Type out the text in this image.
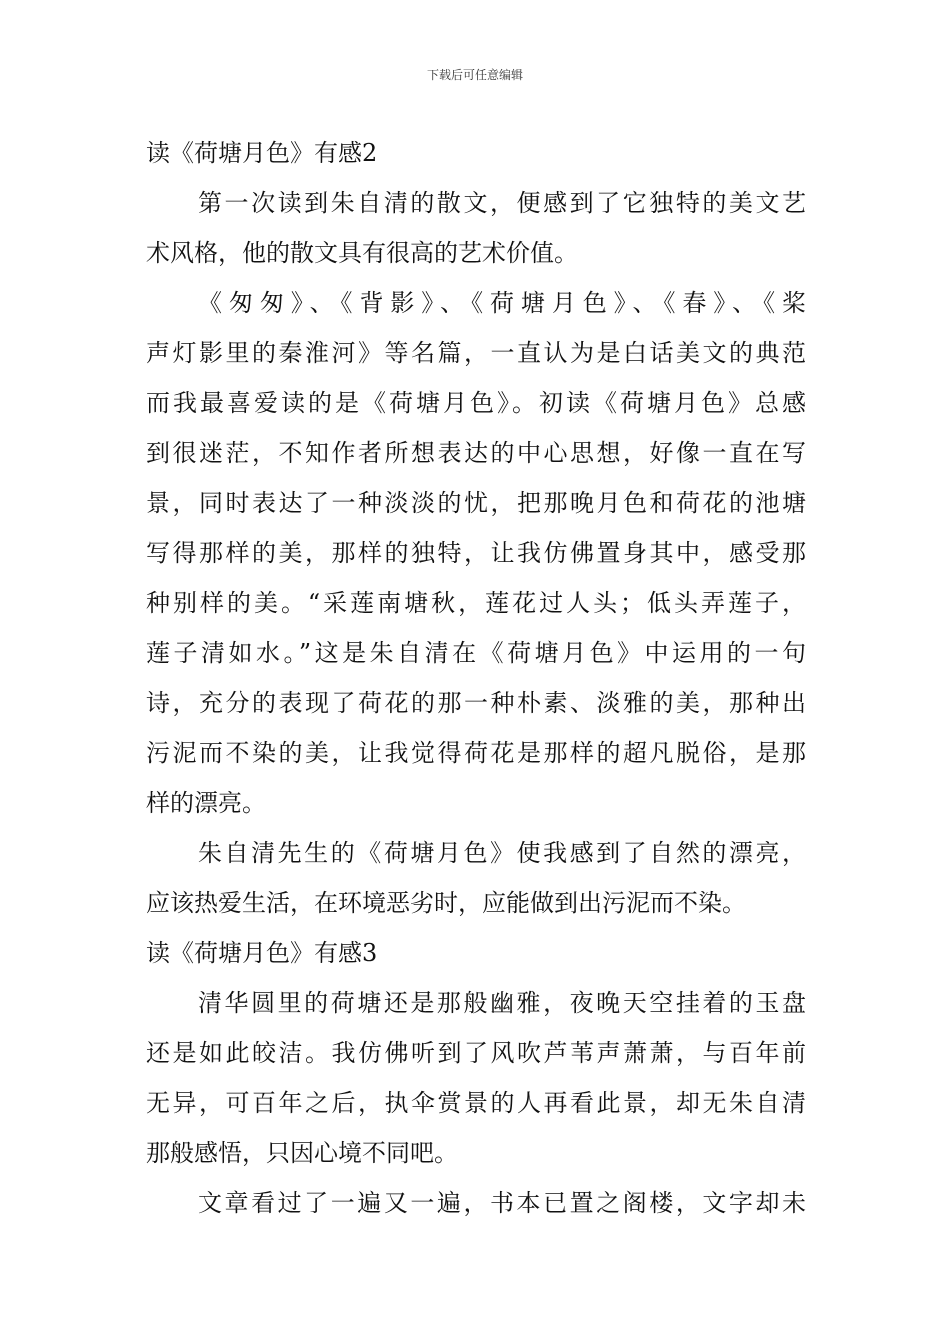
下载后可任意编辑
读《荷塘月色》有感2
第一次读到朱自清的散文，便感到了它独特的美文艺
术风格，他的散文具有很高的艺术价值。
《匆匆》、《背影》、《荷塘月色》、《春》、《桨
声灯影里的秦淮河》等名篇，一直认为是白话美文的典范
而我最喜爱读的是《荷塘月色》。初读《荷塘月色》总感
到很迷茫，不知作者所想表达的中心思想，好像一直在写
景，同时表达了一种淡淡的忧，把那晚月色和荷花的池塘
写得那样的美，那样的独特，让我仿佛置身其中，感受那
种别样的美。“采莲南塘秋，莲花过人头；低头弄莲子，
莲子清如水。”这是朱自清在《荷塘月色》中运用的一句
诗，充分的表现了荷花的那一种朴素、淡雅的美，那种出
污泥而不染的美，让我觉得荷花是那样的超凡脱俗，是那
样的漂亮。
朱自清先生的《荷塘月色》使我感到了自然的漂亮，
应该热爱生活，在环境恶劣时，应能做到出污泥而不染。
读《荷塘月色》有感3
清华圆里的荷塘还是那般幽雅，夜晚天空挂着的玉盘
还是如此皎洁。我仿佛听到了风吹芦苇声萧萧，与百年前
无异，可百年之后，执伞赏景的人再看此景，却无朱自清
那般感悟，只因心境不同吧。
文章看过了一遍又一遍，书本已置之阁楼，文字却未
